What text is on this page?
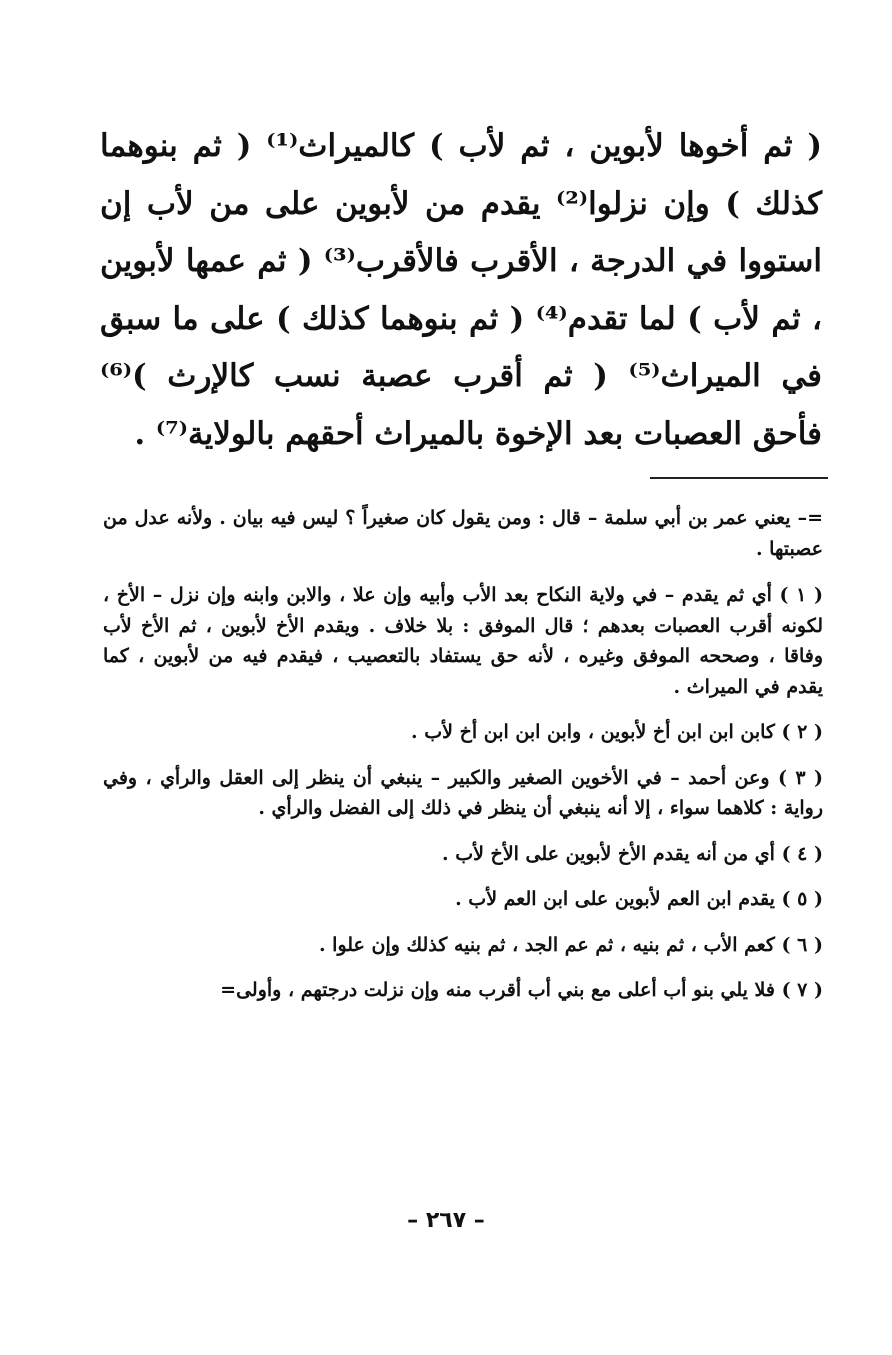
( ثم أخوها لأبوين ، ثم لأب ) كالميراث⁽¹⁾ ( ثم بنوهما كذلك ) وإن نزلوا⁽²⁾ يقدم من لأبوين على من لأب إن استووا في الدرجة ، الأقرب فالأقرب⁽³⁾ ( ثم عمها لأبوين ، ثم لأب ) لما تقدم⁽⁴⁾ ( ثم بنوهما كذلك ) على ما سبق في الميراث⁽⁵⁾ ( ثم أقرب عصبة نسب كالإرث )⁽⁶⁾ فأحق العصبات بعد الإخوة بالميراث أحقهم بالولاية⁽⁷⁾ .

=– يعني عمر بن أبي سلمة – قال : ومن يقول كان صغيراً ؟ ليس فيه بيان . ولأنه عدل من عصبتها .

( ١ ) أي ثم يقدم – في ولاية النكاح بعد الأب وأبيه وإن علا ، والابن وابنه وإن نزل – الأخ ، لكونه أقرب العصبات بعدهم ؛ قال الموفق : بلا خلاف . ويقدم الأخ لأبوين ، ثم الأخ لأب وفاقا ، وصححه الموفق وغيره ، لأنه حق يستفاد بالتعصيب ، فيقدم فيه من لأبوين ، كما يقدم في الميراث .

( ٢ ) كابن ابن ابن أخ لأبوين ، وابن ابن ابن أخ لأب .

( ٣ ) وعن أحمد – في الأخوين الصغير والكبير – ينبغي أن ينظر إلى العقل والرأي ، وفي رواية : كلاهما سواء ، إلا أنه ينبغي أن ينظر في ذلك إلى الفضل والرأي .

( ٤ ) أي من أنه يقدم الأخ لأبوين على الأخ لأب .

( ٥ ) يقدم ابن العم لأبوين على ابن العم لأب .

( ٦ ) كعم الأب ، ثم بنيه ، ثم عم الجد ، ثم بنيه كذلك وإن علوا .

( ٧ ) فلا يلي بنو أب أعلى مع بني أب أقرب منه وإن نزلت درجتهم ، وأولى=

– ٢٦٧ –
